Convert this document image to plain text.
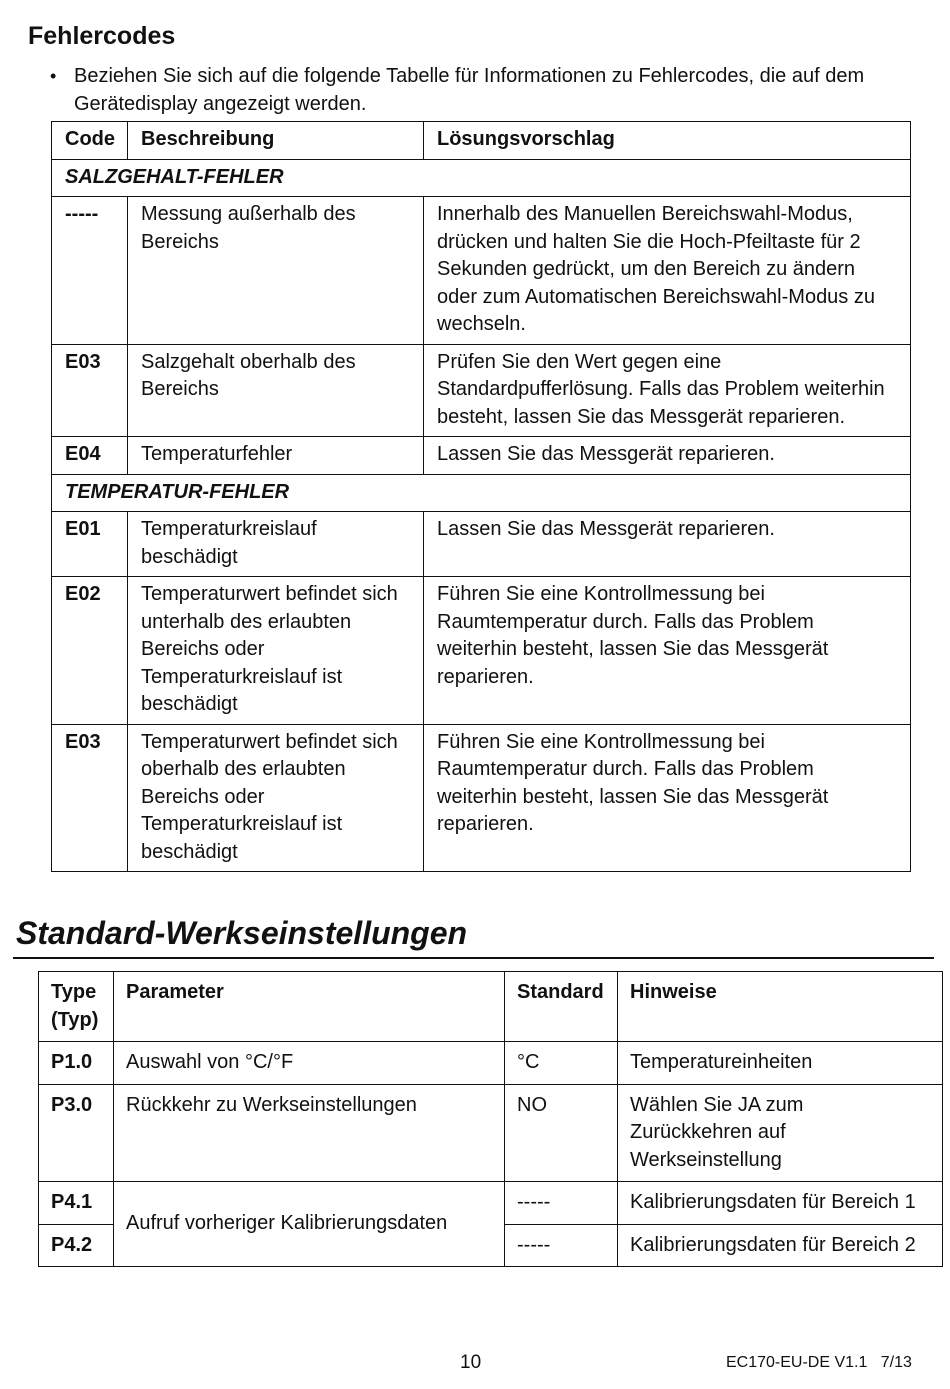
Fehlercodes
• Beziehen Sie sich auf die folgende Tabelle für Informationen zu Fehlercodes, die auf dem Gerätedisplay angezeigt werden.
Code	Beschreibung	Lösungsvorschlag
SALZGEHALT-FEHLER		
-----	Messung außerhalb des Bereichs	Innerhalb des Manuellen Bereichswahl-Modus, drücken und halten Sie die Hoch-Pfeiltaste für 2 Sekunden gedrückt, um den Bereich zu ändern oder zum Automatischen Bereichswahl-Modus zu wechseln.
E03	Salzgehalt oberhalb des Bereichs	Prüfen Sie den Wert gegen eine Standardpufferlösung. Falls das Problem weiterhin besteht, lassen Sie das Messgerät reparieren.
E04	Temperaturfehler	Lassen Sie das Messgerät reparieren.
TEMPERATUR-FEHLER		
E01	Temperaturkreislauf beschädigt	Lassen Sie das Messgerät reparieren.
E02	Temperaturwert befindet sich unterhalb des erlaubten Bereichs oder Temperaturkreislauf ist beschädigt	Führen Sie eine Kontrollmessung bei Raumtemperatur durch. Falls das Problem weiterhin besteht, lassen Sie das Messgerät reparieren.
E03	Temperaturwert befindet sich oberhalb des erlaubten Bereichs oder Temperaturkreislauf ist beschädigt	Führen Sie eine Kontrollmessung bei Raumtemperatur durch. Falls das Problem weiterhin besteht, lassen Sie das Messgerät reparieren.
Standard-Werkseinstellungen
Type (Typ)	Parameter	Standard	Hinweise
P1.0	Auswahl von °C/°F	°C	Temperatureinheiten
P3.0	Rückkehr zu Werkseinstellungen	NO	Wählen Sie JA zum Zurückkehren auf Werkseinstellung
P4.1	Aufruf vorheriger Kalibrierungsdaten	-----	Kalibrierungsdaten für Bereich 1
P4.2		-----	Kalibrierungsdaten für Bereich 2
10	EC170-EU-DE V1.1   7/13
